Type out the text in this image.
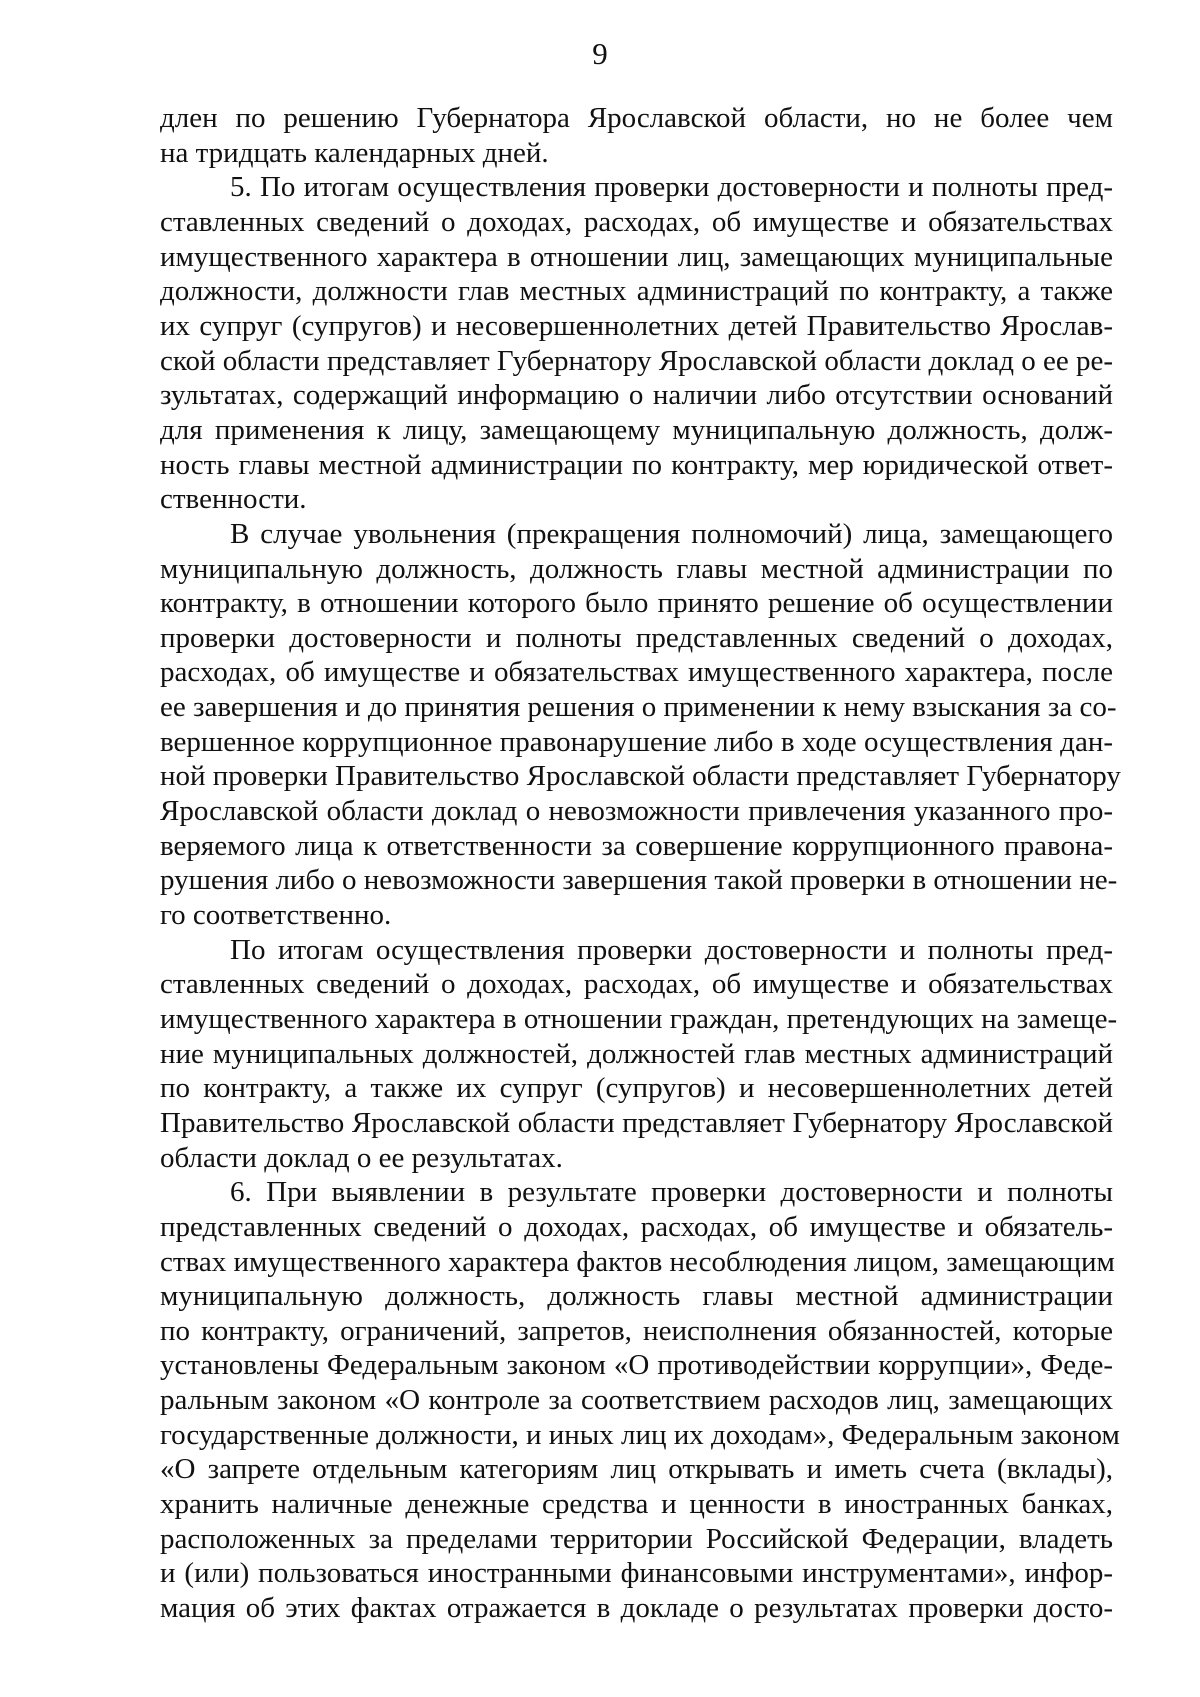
9
длен по решению Губернатора Ярославской области, но не более чем
на тридцать календарных дней.
5. По итогам осуществления проверки достоверности и полноты пред-
ставленных сведений о доходах, расходах, об имуществе и обязательствах
имущественного характера в отношении лиц, замещающих муниципальные
должности, должности глав местных администраций по контракту, а также
их супруг (супругов) и несовершеннолетних детей Правительство Ярослав-
ской области представляет Губернатору Ярославской области доклад о ее ре-
зультатах, содержащий информацию о наличии либо отсутствии оснований
для применения к лицу, замещающему муниципальную должность, долж-
ность главы местной администрации по контракту, мер юридической ответ-
ственности.
В случае увольнения (прекращения полномочий) лица, замещающего
муниципальную должность, должность главы местной администрации по
контракту, в отношении которого было принято решение об осуществлении
проверки достоверности и полноты представленных сведений о доходах,
расходах, об имуществе и обязательствах имущественного характера, после
ее завершения и до принятия решения о применении к нему взыскания за со-
вершенное коррупционное правонарушение либо в ходе осуществления дан-
ной проверки Правительство Ярославской области представляет Губернатору
Ярославской области доклад о невозможности привлечения указанного про-
веряемого лица к ответственности за совершение коррупционного правона-
рушения либо о невозможности завершения такой проверки в отношении не-
го соответственно.
По итогам осуществления проверки достоверности и полноты пред-
ставленных сведений о доходах, расходах, об имуществе и обязательствах
имущественного характера в отношении граждан, претендующих на замеще-
ние муниципальных должностей, должностей глав местных администраций
по контракту, а также их супруг (супругов) и несовершеннолетних детей
Правительство Ярославской области представляет Губернатору Ярославской
области доклад о ее результатах.
6. При выявлении в результате проверки достоверности и полноты
представленных сведений о доходах, расходах, об имуществе и обязатель-
ствах имущественного характера фактов несоблюдения лицом, замещающим
муниципальную должность, должность главы местной администрации
по контракту, ограничений, запретов, неисполнения обязанностей, которые
установлены Федеральным законом «О противодействии коррупции», Феде-
ральным законом «О контроле за соответствием расходов лиц, замещающих
государственные должности, и иных лиц их доходам», Федеральным законом
«О запрете отдельным категориям лиц открывать и иметь счета (вклады),
хранить наличные денежные средства и ценности в иностранных банках,
расположенных за пределами территории Российской Федерации, владеть
и (или) пользоваться иностранными финансовыми инструментами», инфор-
мация об этих фактах отражается в докладе о результатах проверки досто-
